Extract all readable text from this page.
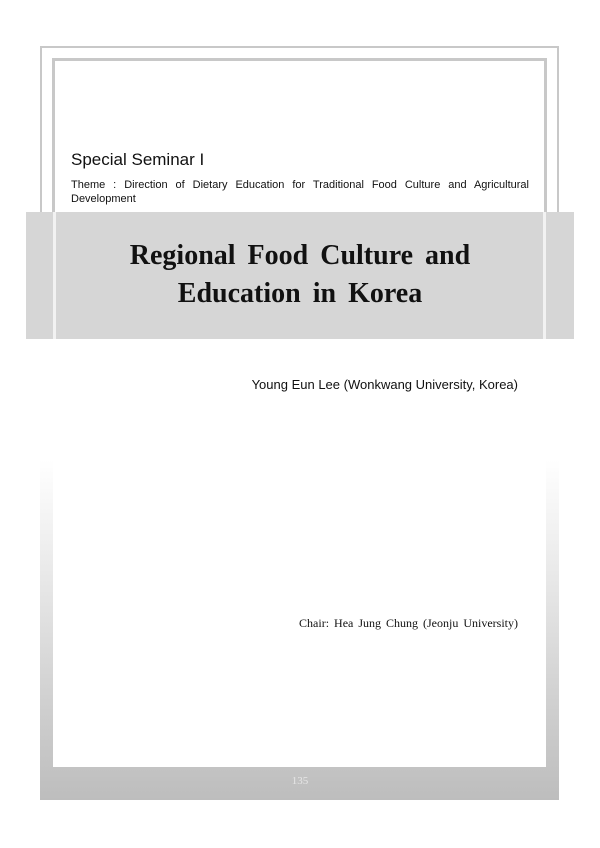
Special Seminar I

Theme : Direction of Dietary Education for Traditional Food Culture and Agricultural Development

Regional Food Culture and
Education in Korea

Young Eun Lee (Wonkwang University, Korea)

Chair: Hea Jung Chung (Jeonju University)

135
